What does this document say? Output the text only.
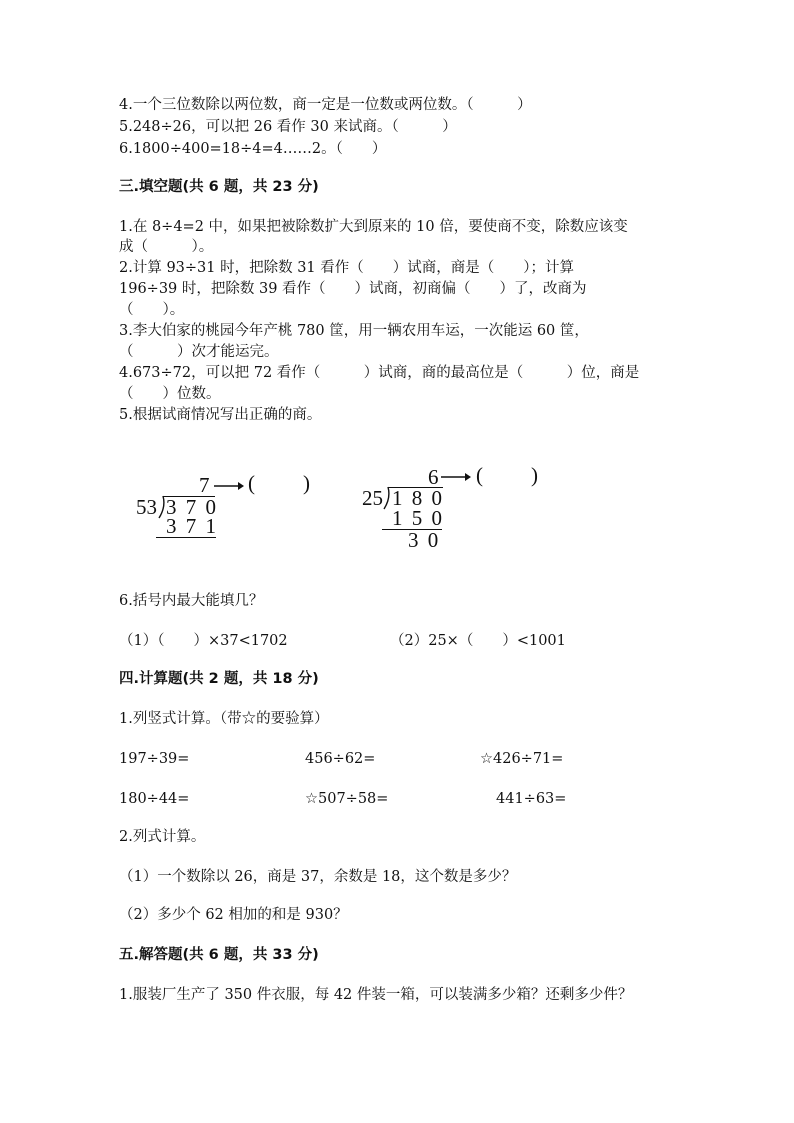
4.一个三位数除以两位数，商一定是一位数或两位数。（　　　）
5.248÷26，可以把 26 看作 30 来试商。（　　　）
6.1800÷400=18÷4=4……2。（　　）
三.填空题(共 6 题，共 23 分)
1.在 8÷4=2 中，如果把被除数扩大到原来的 10 倍，要使商不变，除数应该变
成（　　　）。
2.计算 93÷31 时，把除数 31 看作（　　）试商，商是（　　）；计算
196÷39 时，把除数 39 看作（　　）试商，初商偏（　　）了，改商为
（　　）。
3.李大伯家的桃园今年产桃 780 筐，用一辆农用车运，一次能运 60 筐，
（　　　）次才能运完。
4.673÷72，可以把 72 看作（　　　）试商，商的最高位是（　　　）位，商是
（　　）位数。
5.根据试商情况写出正确的商。
7 (　　)
53 3 7 0
3 7 1
6 (　　)
25 1 8 0
1 5 0
3 0
6.括号内最大能填几？
（1）（　　）×37<1702	（2）25×（　　）<1001
四.计算题(共 2 题，共 18 分)
1.列竖式计算。（带☆的要验算）
197÷39=	456÷62=	☆426÷71=
180÷44=	☆507÷58=	441÷63=
2.列式计算。
（1）一个数除以 26，商是 37，余数是 18，这个数是多少？
（2）多少个 62 相加的和是 930？
五.解答题(共 6 题，共 33 分)
1.服装厂生产了 350 件衣服，每 42 件装一箱，可以装满多少箱？还剩多少件？
